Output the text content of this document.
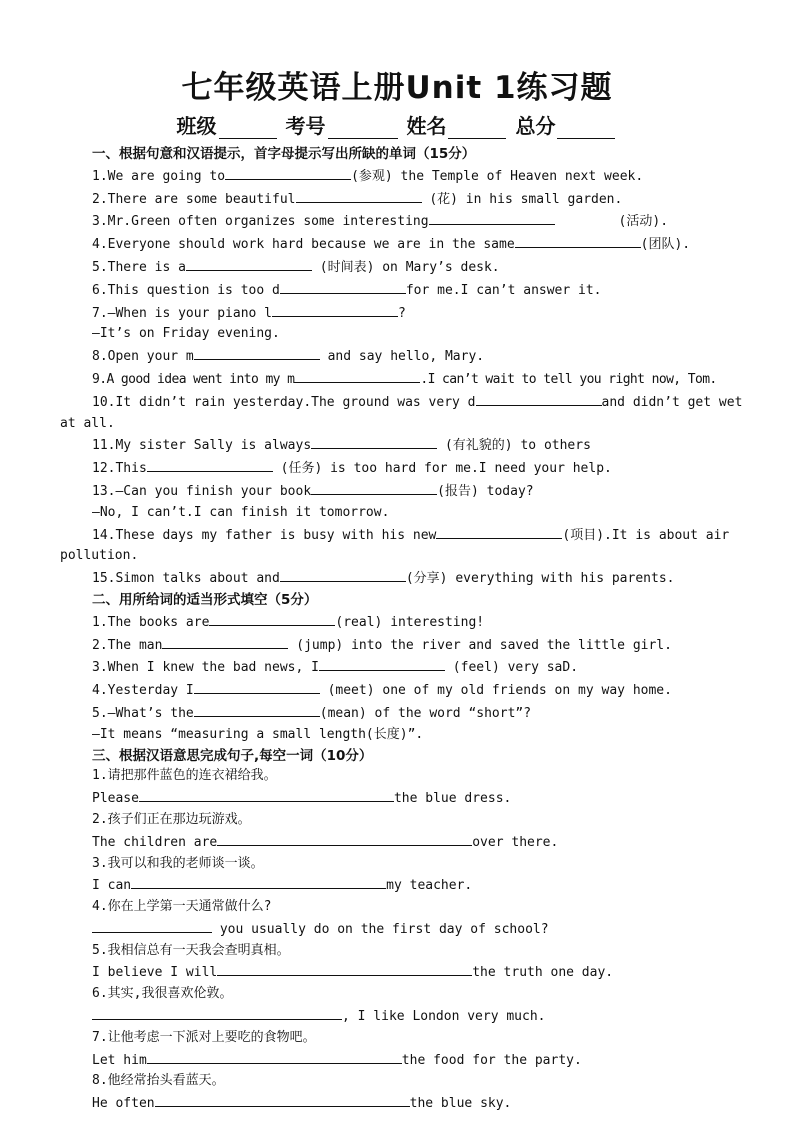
七年级英语上册Unit 1练习题
班级	考号	姓名	总分
一、根据句意和汉语提示，首字母提示写出所缺的单词（15分）
1.We are going to	(参观) the Temple of Heaven next week.
2.There are some beautiful	(花) in his small garden.
3.Mr.Green often organizes some interesting	(活动).
4.Everyone should work hard because we are in the same	(团队).
5.There is a	(时间表) on Mary’s desk.
6.This question is too d	for me.I can’t answer it.
7.—When is your piano l	?
—It’s on Friday evening.
8.Open your m	and say hello, Mary.
9.A good idea went into my m	.I can’t wait to tell you right now, Tom.
10.It didn’t rain yesterday.The ground was very d	and didn’t get wet
at all.
11.My sister Sally is always	(有礼貌的) to others
12.This	(任务) is too hard for me.I need your help.
13.—Can you finish your book	(报告) today?
—No, I can’t.I can finish it tomorrow.
14.These days my father is busy with his new	(项目).It is about air
pollution.
15.Simon talks about and	(分享) everything with his parents.
二、用所给词的适当形式填空（5分）
1.The books are	(real) interesting!
2.The man	(jump) into the river and saved the little girl.
3.When I knew the bad news, I	(feel) very saD.
4.Yesterday I	(meet) one of my old friends on my way home.
5.—What’s the	(mean) of the word “short”?
—It means “measuring a small length(长度)”.
三、根据汉语意思完成句子,每空一词（10分）
1.请把那件蓝色的连衣裙给我。
Please	the blue dress.
2.孩子们正在那边玩游戏。
The children are	over there.
3.我可以和我的老师谈一谈。
I can	my teacher.
4.你在上学第一天通常做什么?
you usually do on the first day of school?
5.我相信总有一天我会查明真相。
I believe I will	the truth one day.
6.其实,我很喜欢伦敦。
, I like London very much.
7.让他考虑一下派对上要吃的食物吧。
Let him	the food for the party.
8.他经常抬头看蓝天。
He often	the blue sky.
